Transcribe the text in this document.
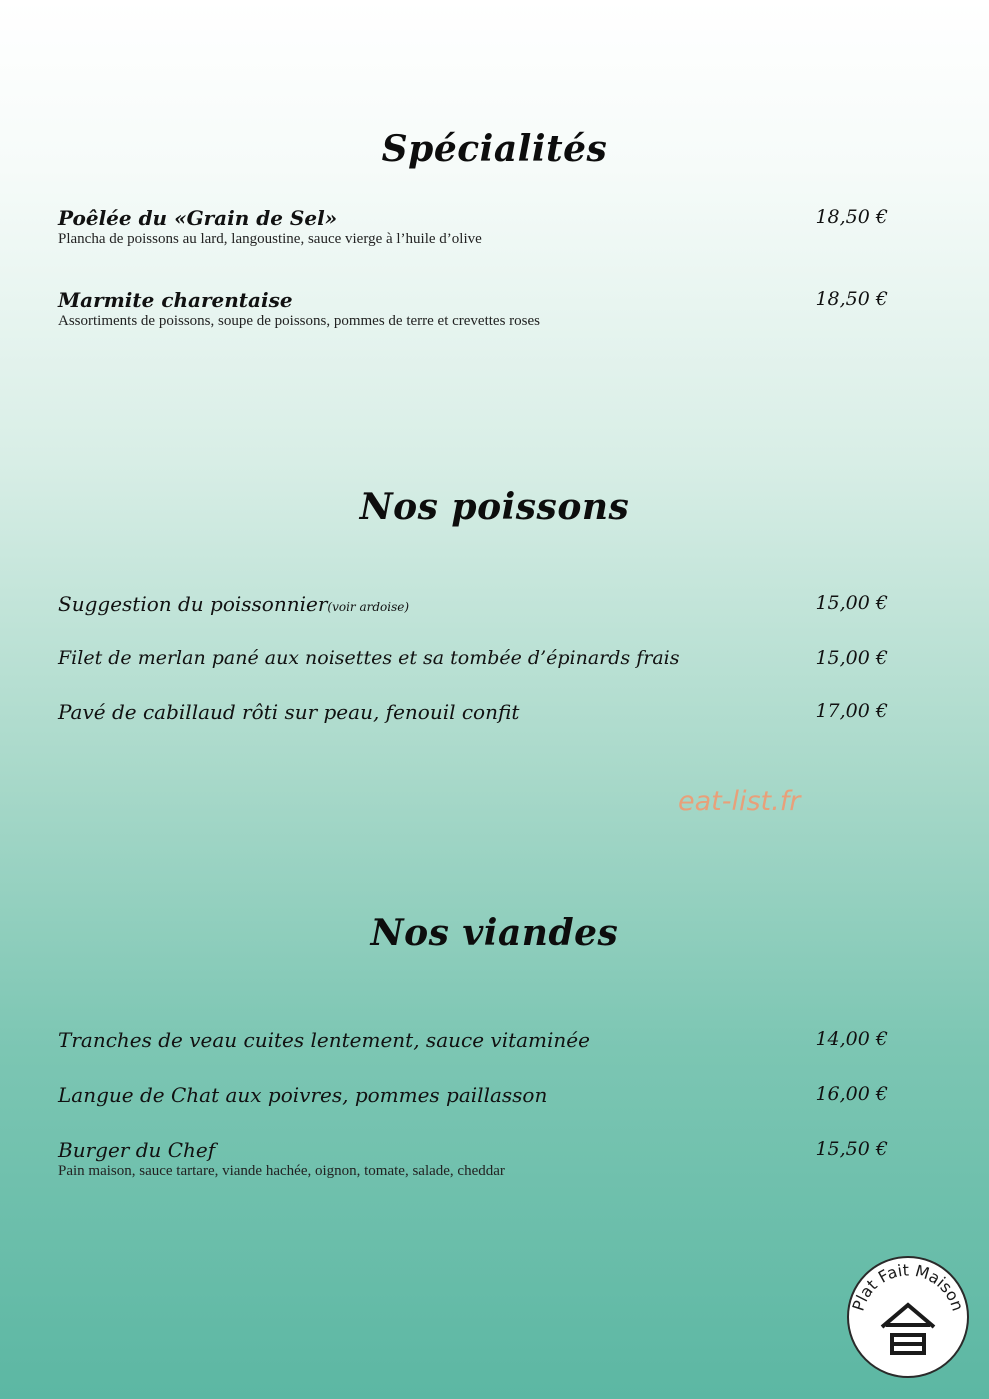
Spécialités
Poêlée du «Grain de Sel»
Plancha de poissons au lard, langoustine, sauce vierge à l’huile d’olive
18,50 €
Marmite charentaise
Assortiments de poissons, soupe de poissons, pommes de terre et crevettes roses
18,50 €
Nos poissons
Suggestion du poissonnier(voir ardoise)	15,00 €
Filet de merlan pané aux noisettes et sa tombée d’épinards frais	15,00 €
Pavé de cabillaud rôti sur peau, fenouil confit	17,00 €
eat-list.fr
Nos viandes
Tranches de veau cuites lentement, sauce vitaminée	14,00 €
Langue de Chat aux poivres, pommes paillasson	16,00 €
Burger du Chef
Pain maison, sauce tartare, viande hachée, oignon, tomate, salade, cheddar
15,50 €
Plat Fait Maison
